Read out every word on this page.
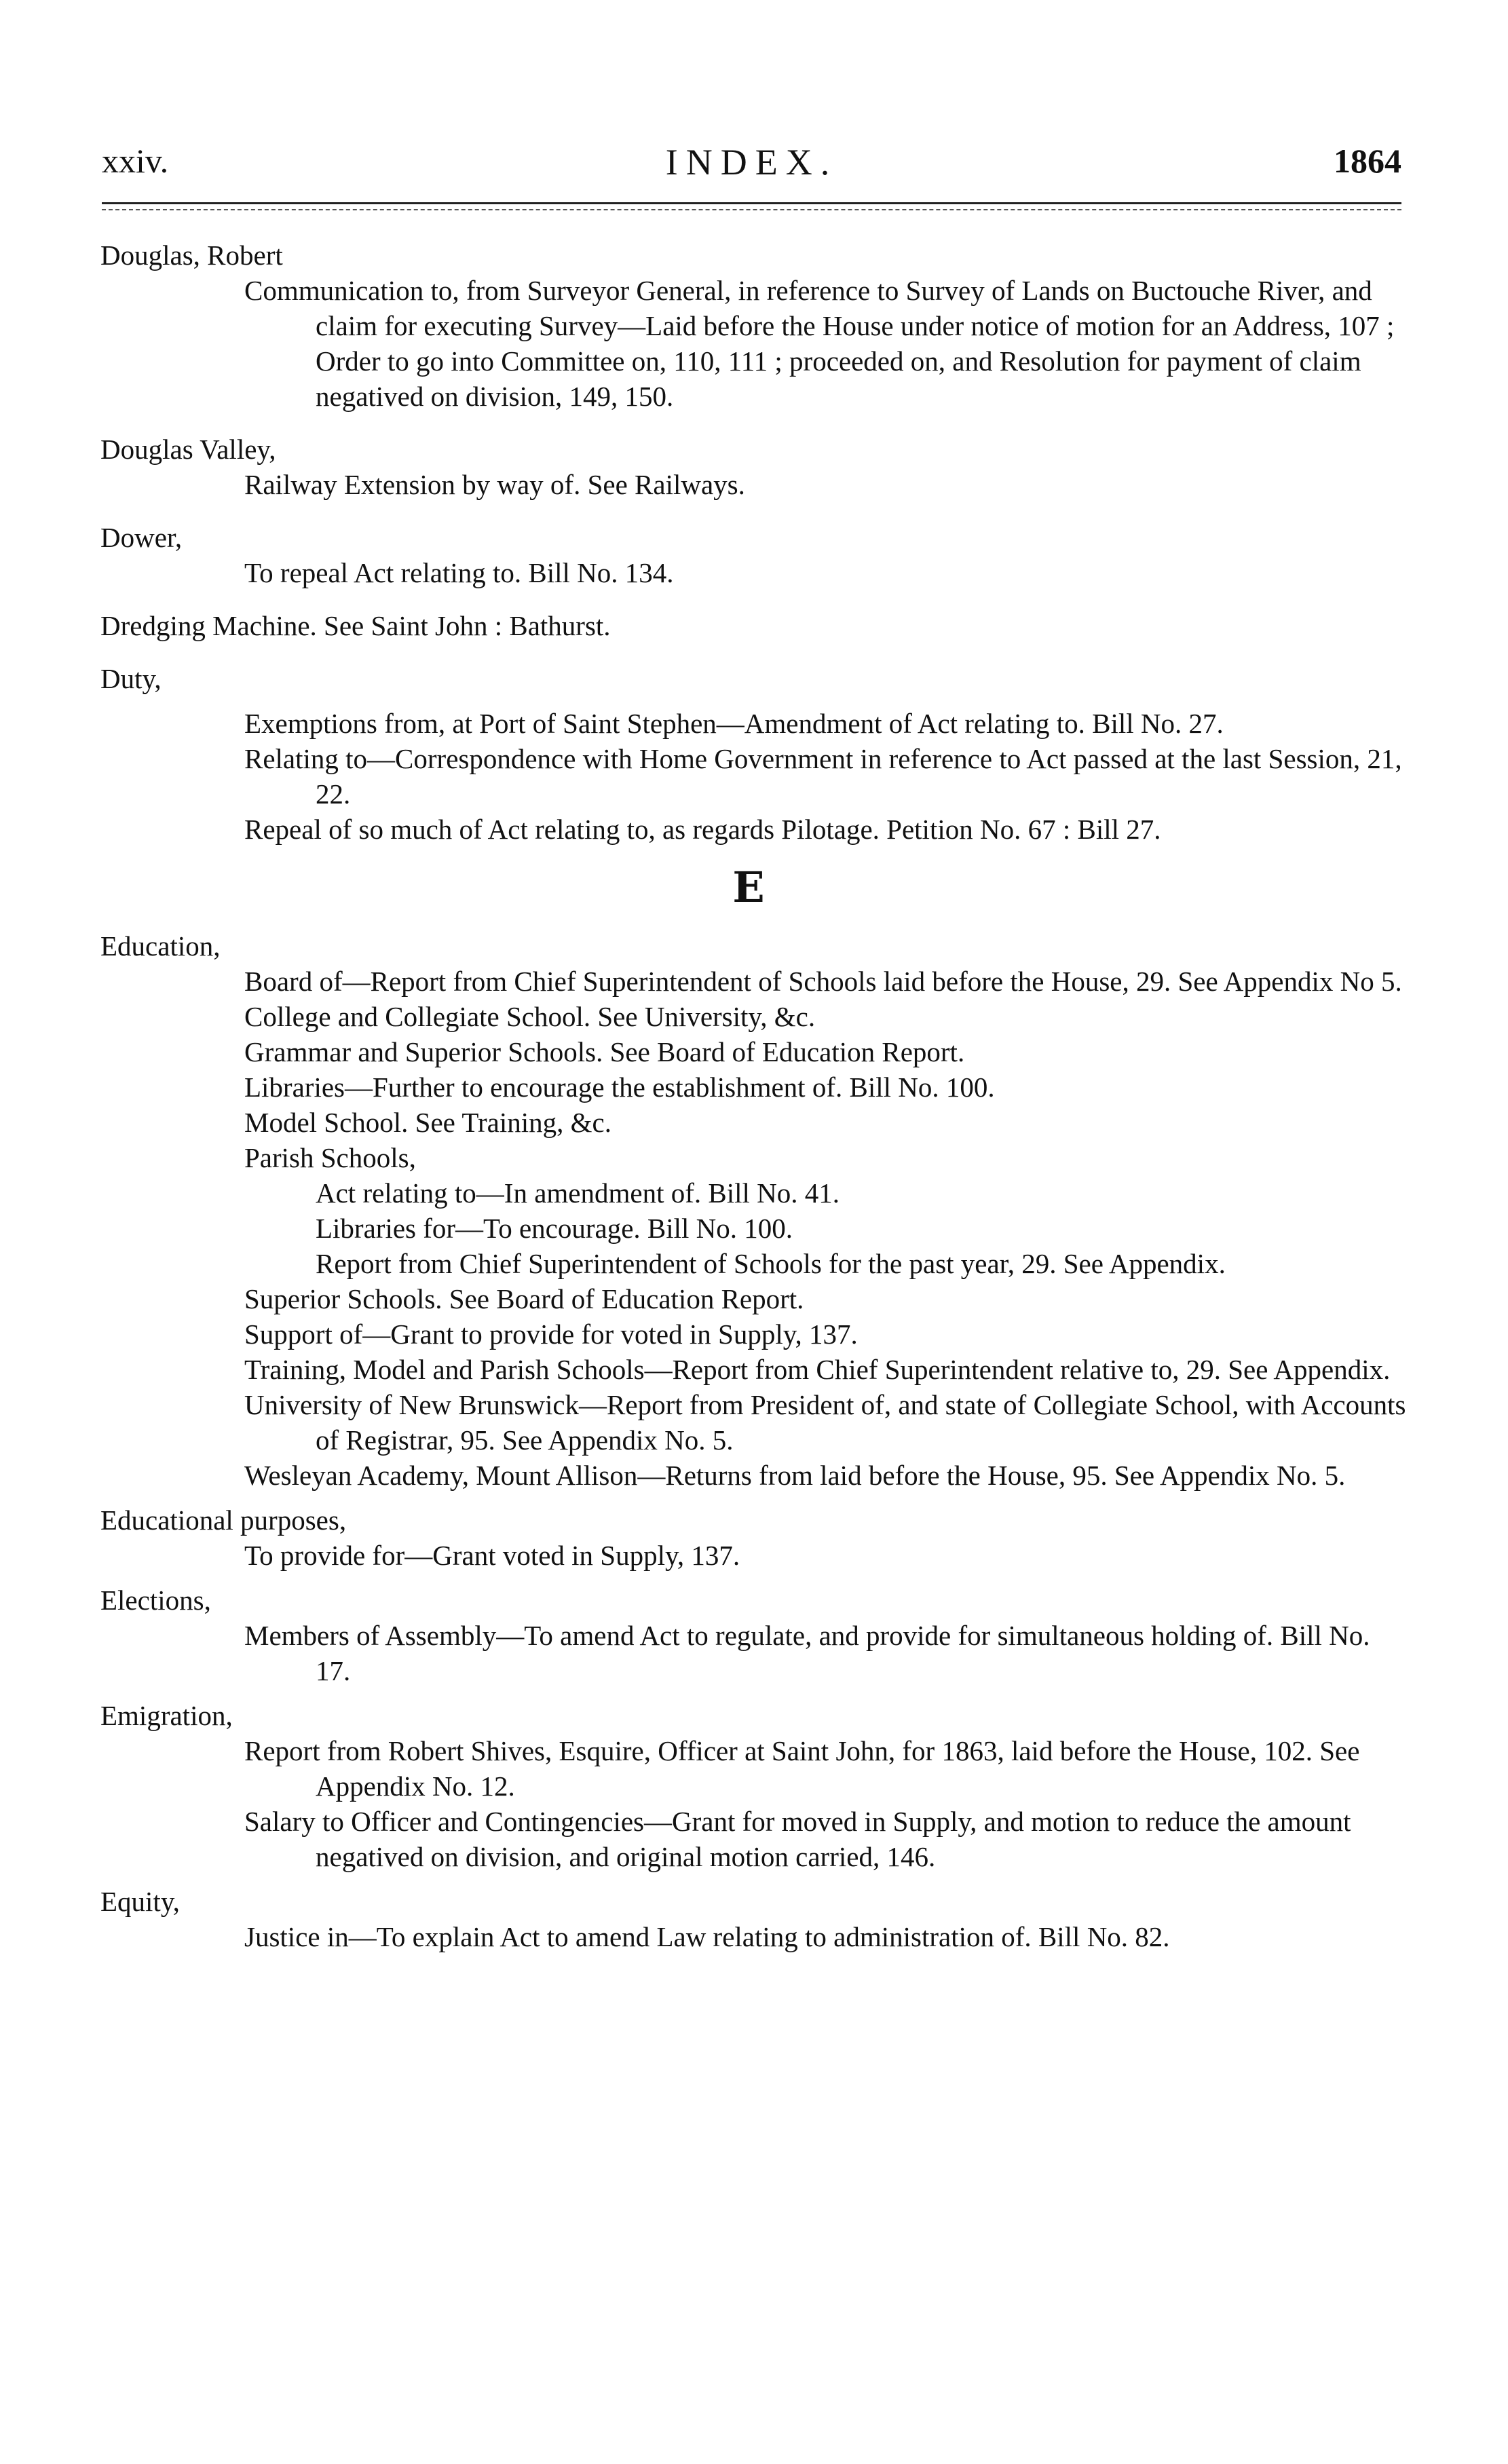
xxiv.	INDEX.	1864

Douglas, Robert

Communication to, from Surveyor General, in reference to Survey of Lands on Buctouche River, and claim for executing Survey—Laid before the House under notice of motion for an Address, 107 ; Order to go into Committee on, 110, 111 ; proceeded on, and Resolution for payment of claim negatived on division, 149, 150.

Douglas Valley,

Railway Extension by way of. See Railways.

Dower,

To repeal Act relating to. Bill No. 134.

Dredging Machine. See Saint John : Bathurst.

Duty,

Exemptions from, at Port of Saint Stephen—Amendment of Act relating to. Bill No. 27.

Relating to—Correspondence with Home Government in reference to Act passed at the last Session, 21, 22.

Repeal of so much of Act relating to, as regards Pilotage. Petition No. 67 : Bill 27.

E

Education,

Board of—Report from Chief Superintendent of Schools laid before the House, 29. See Appendix No 5.

College and Collegiate School. See University, &c.

Grammar and Superior Schools. See Board of Education Report.

Libraries—Further to encourage the establishment of. Bill No. 100.

Model School. See Training, &c.

Parish Schools,

Act relating to—In amendment of. Bill No. 41.

Libraries for—To encourage. Bill No. 100.

Report from Chief Superintendent of Schools for the past year, 29. See Appendix.

Superior Schools. See Board of Education Report.

Support of—Grant to provide for voted in Supply, 137.

Training, Model and Parish Schools—Report from Chief Superintendent relative to, 29. See Appendix.

University of New Brunswick—Report from President of, and state of Collegiate School, with Accounts of Registrar, 95. See Appendix No. 5.

Wesleyan Academy, Mount Allison—Returns from laid before the House, 95. See Appendix No. 5.

Educational purposes,

To provide for—Grant voted in Supply, 137.

Elections,

Members of Assembly—To amend Act to regulate, and provide for simultaneous holding of. Bill No. 17.

Emigration,

Report from Robert Shives, Esquire, Officer at Saint John, for 1863, laid before the House, 102. See Appendix No. 12.

Salary to Officer and Contingencies—Grant for moved in Supply, and motion to reduce the amount negatived on division, and original motion carried, 146.

Equity,

Justice in—To explain Act to amend Law relating to administration of. Bill No. 82.
